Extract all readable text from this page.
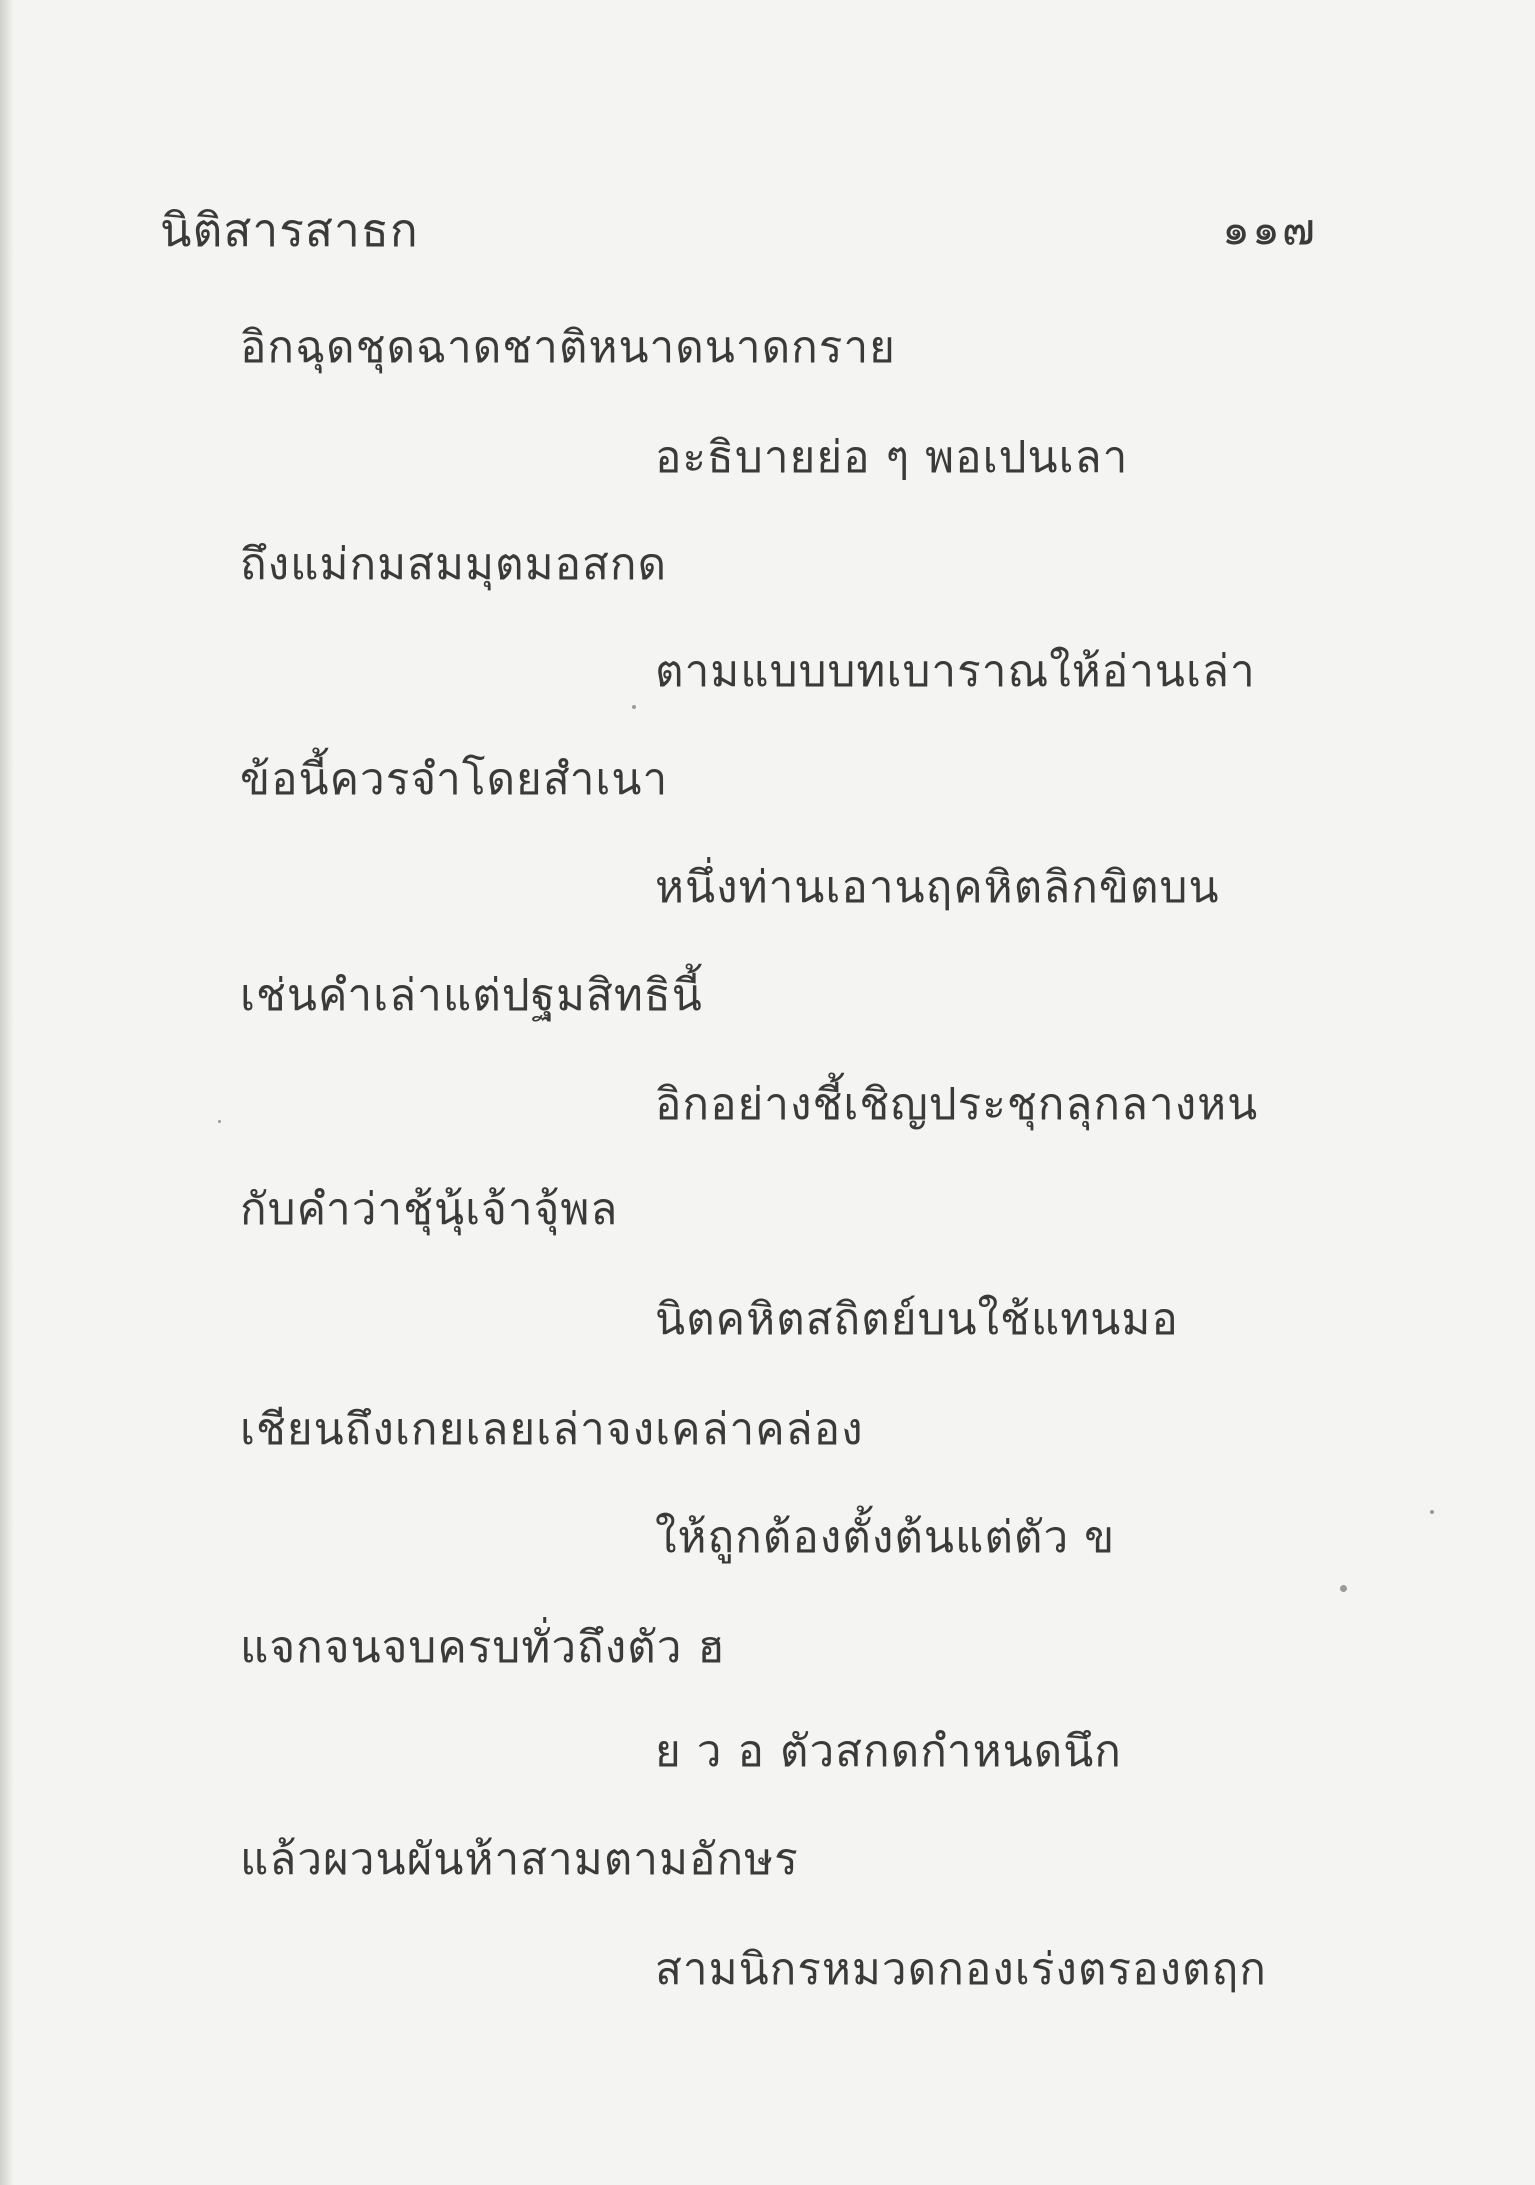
นิติสารสาธก	๑๑๗
อิกฉุดชุดฉาดชาติหนาดนาดกราย
อะธิบายย่อ ๆ พอเปนเลา
ถึงแม่กมสมมุตมอสกด
ตามแบบบทเบาราณให้อ่านเล่า
ข้อนี้ควรจำโดยสำเนา
หนึ่งท่านเอานฤคหิตลิกขิตบน
เช่นคำเล่าแต่ปฐมสิทธินี้
อิกอย่างชี้เชิญประชุกลุกลางหน
กับคำว่าชุ้นุ้เจ้าจุ้พล
นิตคหิตสถิตย์บนใช้แทนมอ
เชียนถึงเกยเลยเล่าจงเคล่าคล่อง
ให้ถูกต้องตั้งต้นแต่ตัว ข
แจกจนจบครบทั่วถึงตัว ฮ
ย ว อ ตัวสกดกำหนดนึก
แล้วผวนผันห้าสามตามอักษร
สามนิกรหมวดกองเร่งตรองตฤก
